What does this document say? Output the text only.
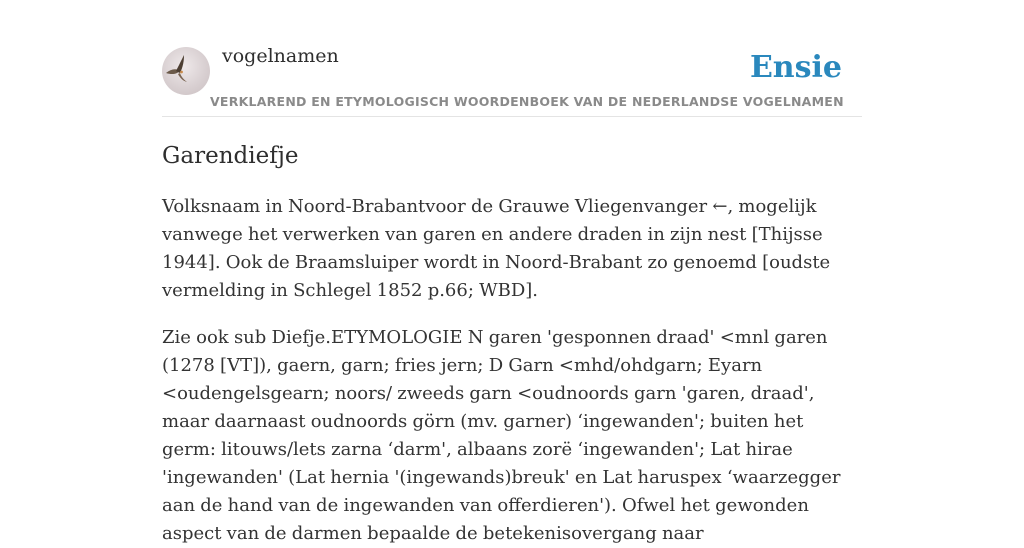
vogelnamen	Ensie
VERKLAREND EN ETYMOLOGISCH WOORDENBOEK VAN DE NEDERLANDSE VOGELNAMEN
Garendiefje

Volksnaam in Noord-Brabantvoor de Grauwe Vliegenvanger ←, mogelijk vanwege het verwerken van garen en andere draden in zijn nest [Thijsse 1944]. Ook de Braamsluiper wordt in Noord-Brabant zo genoemd [oudste vermelding in Schlegel 1852 p.66; WBD].

Zie ook sub Diefje.ETYMOLOGIE N garen 'gesponnen draad' <mnl garen (1278 [VT]), gaern, garn; fries jern; D Garn <mhd/ohdgarn; Eyarn <oudengelsgearn; noors/ zweeds garn <oudnoords garn 'garen, draad', maar daarnaast oudnoords görn (mv. garner) ‘ingewanden'; buiten het germ: litouws/lets zarna ‘darm', albaans zorë ‘ingewanden'; Lat hirae 'ingewanden' (Lat hernia '(ingewands)breuk' en Lat haruspex ‘waarzegger aan de hand van de ingewanden van offerdieren'). Ofwel het gewonden aspect van de darmen bepaalde de betekenisovergang naar
